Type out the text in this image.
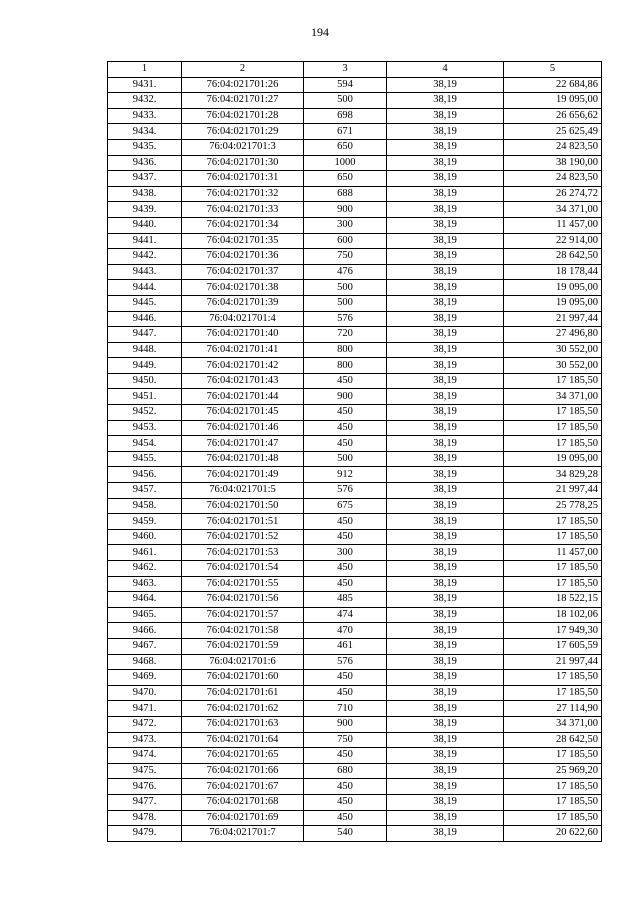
194
1	2	3	4	5
9431.	76:04:021701:26	594	38,19	22 684,86
9432.	76:04:021701:27	500	38,19	19 095,00
9433.	76:04:021701:28	698	38,19	26 656,62
9434.	76:04:021701:29	671	38,19	25 625,49
9435.	76:04:021701:3	650	38,19	24 823,50
9436.	76:04:021701:30	1000	38,19	38 190,00
9437.	76:04:021701:31	650	38,19	24 823,50
9438.	76:04:021701:32	688	38,19	26 274,72
9439.	76:04:021701:33	900	38,19	34 371,00
9440.	76:04:021701:34	300	38,19	11 457,00
9441.	76:04:021701:35	600	38,19	22 914,00
9442.	76:04:021701:36	750	38,19	28 642,50
9443.	76:04:021701:37	476	38,19	18 178,44
9444.	76:04:021701:38	500	38,19	19 095,00
9445.	76:04:021701:39	500	38,19	19 095,00
9446.	76:04:021701:4	576	38,19	21 997,44
9447.	76:04:021701:40	720	38,19	27 496,80
9448.	76:04:021701:41	800	38,19	30 552,00
9449.	76:04:021701:42	800	38,19	30 552,00
9450.	76:04:021701:43	450	38,19	17 185,50
9451.	76:04:021701:44	900	38,19	34 371,00
9452.	76:04:021701:45	450	38,19	17 185,50
9453.	76:04:021701:46	450	38,19	17 185,50
9454.	76:04:021701:47	450	38,19	17 185,50
9455.	76:04:021701:48	500	38,19	19 095,00
9456.	76:04:021701:49	912	38,19	34 829,28
9457.	76:04:021701:5	576	38,19	21 997,44
9458.	76:04:021701:50	675	38,19	25 778,25
9459.	76:04:021701:51	450	38,19	17 185,50
9460.	76:04:021701:52	450	38,19	17 185,50
9461.	76:04:021701:53	300	38,19	11 457,00
9462.	76:04:021701:54	450	38,19	17 185,50
9463.	76:04:021701:55	450	38,19	17 185,50
9464.	76:04:021701:56	485	38,19	18 522,15
9465.	76:04:021701:57	474	38,19	18 102,06
9466.	76:04:021701:58	470	38,19	17 949,30
9467.	76:04:021701:59	461	38,19	17 605,59
9468.	76:04:021701:6	576	38,19	21 997,44
9469.	76:04:021701:60	450	38,19	17 185,50
9470.	76:04:021701:61	450	38,19	17 185,50
9471.	76:04:021701:62	710	38,19	27 114,90
9472.	76:04:021701:63	900	38,19	34 371,00
9473.	76:04:021701:64	750	38,19	28 642,50
9474.	76:04:021701:65	450	38,19	17 185,50
9475.	76:04:021701:66	680	38,19	25 969,20
9476.	76:04:021701:67	450	38,19	17 185,50
9477.	76:04:021701:68	450	38,19	17 185,50
9478.	76:04:021701:69	450	38,19	17 185,50
9479.	76:04:021701:7	540	38,19	20 622,60
